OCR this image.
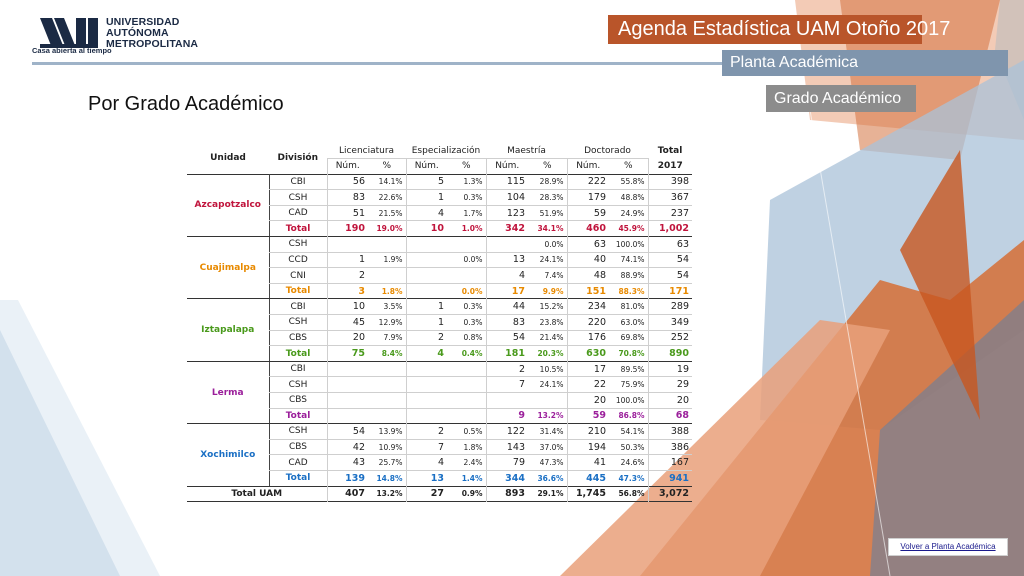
UNIVERSIDAD
AUTÓNOMA
METROPOLITANA
Casa abierta al tiempo
Agenda Estadística UAM Otoño 2017
Planta Académica
Grado Académico
Por Grado Académico
Unidad	División	Licenciatura		Especialización		Maestría		Doctorado		Total
		Núm.	%	Núm.	%	Núm.	%	Núm.	%	2017
Azcapotzalco	CBI	56	14.1%	5	1.3%	115	28.9%	222	55.8%	398
	CSH	83	22.6%	1	0.3%	104	28.3%	179	48.8%	367
	CAD	51	21.5%	4	1.7%	123	51.9%	59	24.9%	237
	Total	190	19.0%	10	1.0%	342	34.1%	460	45.9%	1,002
Cuajimalpa	CSH						0.0%	63	100.0%	63
	CCD	1	1.9%		0.0%	13	24.1%	40	74.1%	54
	CNI	2				4	7.4%	48	88.9%	54
	Total	3	1.8%		0.0%	17	9.9%	151	88.3%	171
Iztapalapa	CBI	10	3.5%	1	0.3%	44	15.2%	234	81.0%	289
	CSH	45	12.9%	1	0.3%	83	23.8%	220	63.0%	349
	CBS	20	7.9%	2	0.8%	54	21.4%	176	69.8%	252
	Total	75	8.4%	4	0.4%	181	20.3%	630	70.8%	890
Lerma	CBI					2	10.5%	17	89.5%	19
	CSH					7	24.1%	22	75.9%	29
	CBS							20	100.0%	20
	Total					9	13.2%	59	86.8%	68
Xochimilco	CSH	54	13.9%	2	0.5%	122	31.4%	210	54.1%	388
	CBS	42	10.9%	7	1.8%	143	37.0%	194	50.3%	386
	CAD	43	25.7%	4	2.4%	79	47.3%	41	24.6%	167
	Total	139	14.8%	13	1.4%	344	36.6%	445	47.3%	941
Total UAM		407	13.2%	27	0.9%	893	29.1%	1,745	56.8%	3,072
Volver a Planta Académica
